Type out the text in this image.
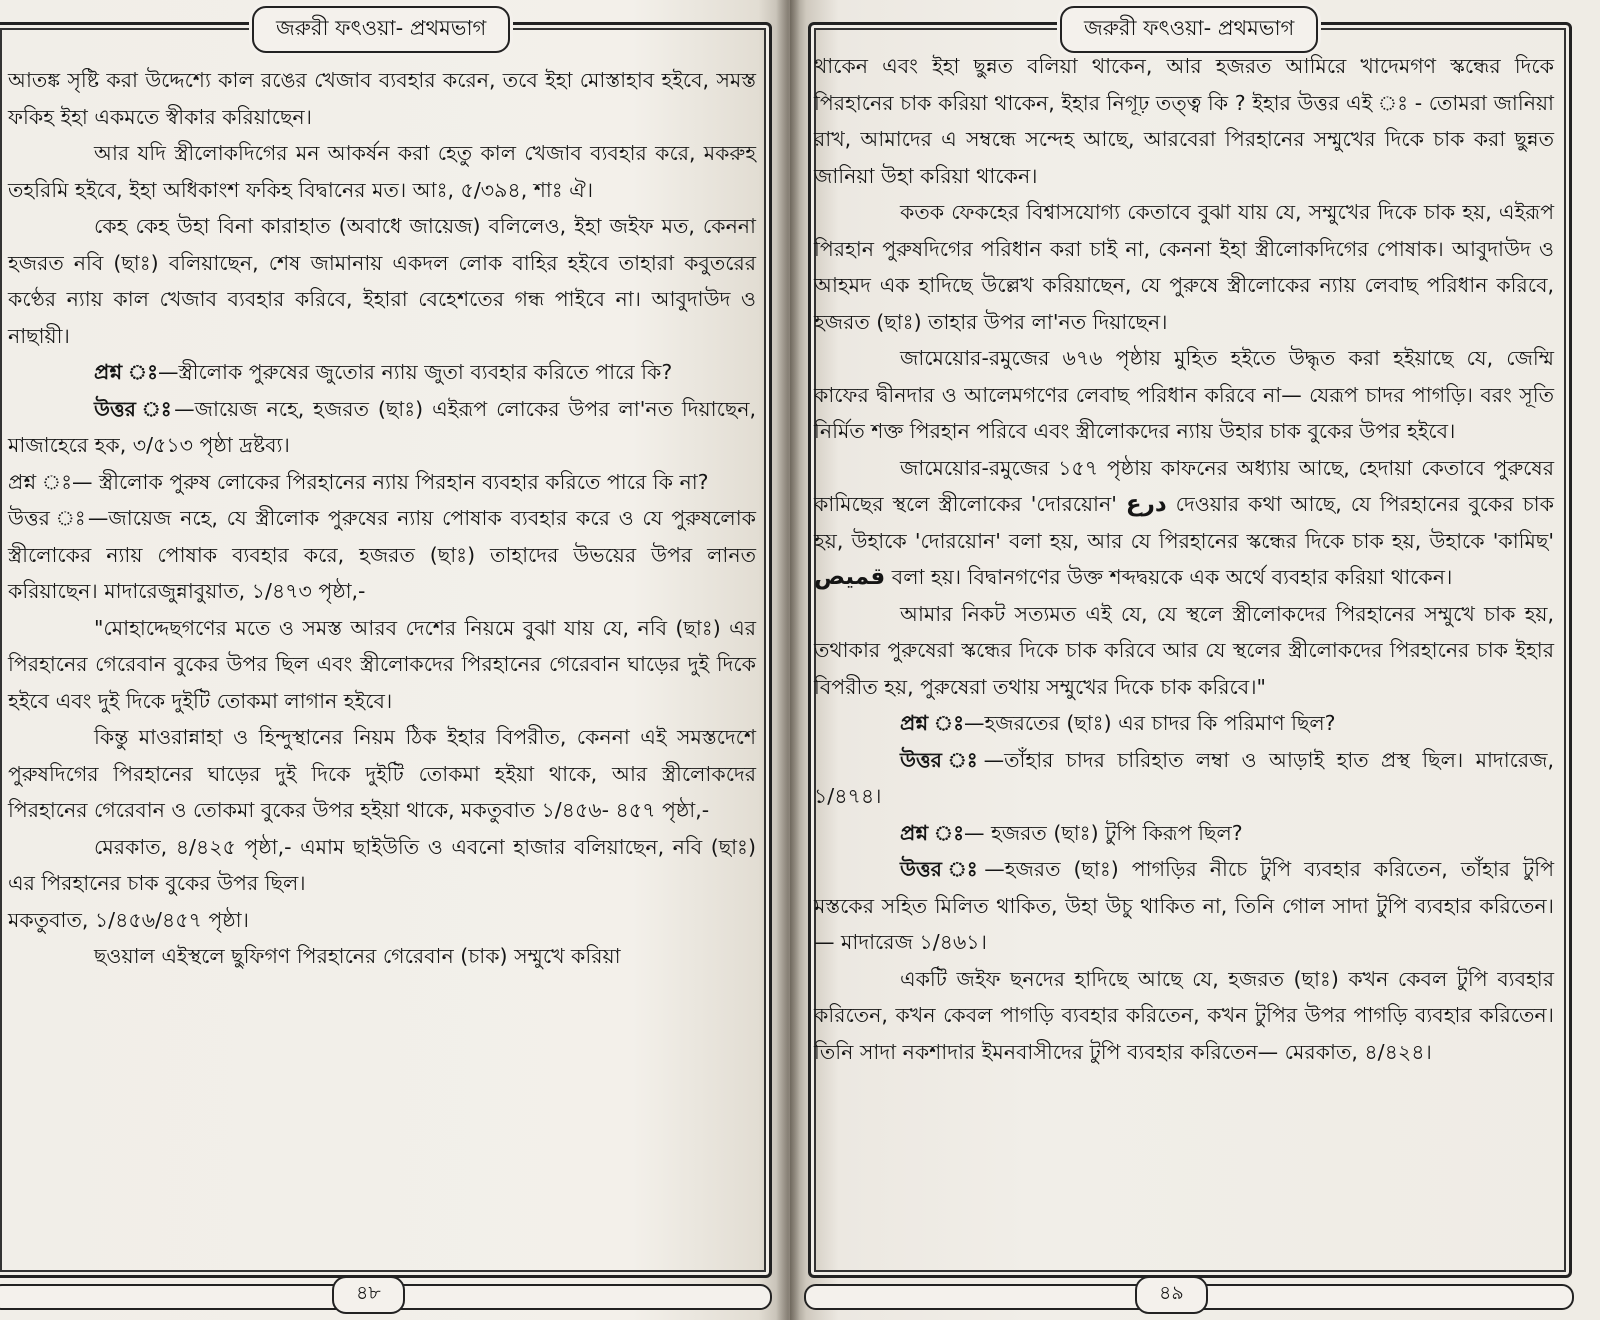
জরুরী ফৎওয়া- প্রথমভাগ

আতঙ্ক সৃষ্টি করা উদ্দেশ্যে কাল রঙের খেজাব ব্যবহার করেন, তবে ইহা মোস্তাহাব হইবে, সমস্ত ফকিহ ইহা একমতে স্বীকার করিয়াছেন।

আর যদি স্ত্রীলোকদিগের মন আকর্ষন করা হেতু কাল খেজাব ব্যবহার করে, মকরুহ তহরিমি হইবে, ইহা অধিকাংশ ফকিহ বিদ্বানের মত। আঃ, ৫/৩৯৪, শাঃ ঐ।

কেহ কেহ উহা বিনা কারাহাত (অবাধে জায়েজ) বলিলেও, ইহা জইফ মত, কেননা হজরত নবি (ছাঃ) বলিয়াছেন, শেষ জামানায় একদল লোক বাহির হইবে তাহারা কবুতরের কণ্ঠের ন্যায় কাল খেজাব ব্যবহার করিবে, ইহারা বেহেশতের গন্ধ পাইবে না। আবুদাউদ ও নাছায়ী।

প্রশ্ন ঃ—স্ত্রীলোক পুরুষের জুতোর ন্যায় জুতা ব্যবহার করিতে পারে কি?

উত্তর ঃ—জায়েজ নহে, হজরত (ছাঃ) এইরূপ লোকের উপর লা'নত দিয়াছেন, মাজাহেরে হক, ৩/৫১৩ পৃষ্ঠা দ্রষ্টব্য।

প্রশ্ন ঃ— স্ত্রীলোক পুরুষ লোকের পিরহানের ন্যায় পিরহান ব্যবহার করিতে পারে কি না?

উত্তর ঃ—জায়েজ নহে, যে স্ত্রীলোক পুরুষের ন্যায় পোষাক ব্যবহার করে ও যে পুরুষলোক স্ত্রীলোকের ন্যায় পোষাক ব্যবহার করে, হজরত (ছাঃ) তাহাদের উভয়ের উপর লানত করিয়াছেন। মাদারেজুন্নাবুয়াত, ১/৪৭৩ পৃষ্ঠা,-

"মোহাদ্দেছগণের মতে ও সমস্ত আরব দেশের নিয়মে বুঝা যায় যে, নবি (ছাঃ) এর পিরহানের গেরেবান বুকের উপর ছিল এবং স্ত্রীলোকদের পিরহানের গেরেবান ঘাড়ের দুই দিকে হইবে এবং দুই দিকে দুইটি তোকমা লাগান হইবে।

কিন্তু মাওরান্নাহা ও হিন্দুস্থানের নিয়ম ঠিক ইহার বিপরীত, কেননা এই সমস্তদেশে পুরুষদিগের পিরহানের ঘাড়ের দুই দিকে দুইটি তোকমা হইয়া থাকে, আর স্ত্রীলোকদের পিরহানের গেরেবান ও তোকমা বুকের উপর হইয়া থাকে, মকতুবাত ১/৪৫৬- ৪৫৭ পৃষ্ঠা,-

মেরকাত, ৪/৪২৫ পৃষ্ঠা,- এমাম ছাইউতি ও এবনো হাজার বলিয়াছেন, নবি (ছাঃ) এর পিরহানের চাক বুকের উপর ছিল।

মকতুবাত, ১/৪৫৬/৪৫৭ পৃষ্ঠা।

ছওয়াল এইস্থলে ছুফিগণ পিরহানের গেরেবান (চাক) সম্মুখে করিয়া

৪৮
জরুরী ফৎওয়া- প্রথমভাগ

থাকেন এবং ইহা ছুন্নত বলিয়া থাকেন, আর হজরত আমিরে খাদেমগণ স্কন্ধের দিকে পিরহানের চাক করিয়া থাকেন, ইহার নিগূঢ় তত্ত্ব কি ? ইহার উত্তর এই ঃ - তোমরা জানিয়া রাখ, আমাদের এ সম্বন্ধে সন্দেহ আছে, আরবেরা পিরহানের সম্মুখের দিকে চাক করা ছুন্নত জানিয়া উহা করিয়া থাকেন।

কতক ফেকহের বিশ্বাসযোগ্য কেতাবে বুঝা যায় যে, সম্মুখের দিকে চাক হয়, এইরূপ পিরহান পুরুষদিগের পরিধান করা চাই না, কেননা ইহা স্ত্রীলোকদিগের পোষাক। আবুদাউদ ও আহমদ এক হাদিছে উল্লেখ করিয়াছেন, যে পুরুষে স্ত্রীলোকের ন্যায় লেবাছ পরিধান করিবে, হজরত (ছাঃ) তাহার উপর লা'নত দিয়াছেন।

জামেয়োর-রমুজের ৬৭৬ পৃষ্ঠায় মুহিত হইতে উদ্ধৃত করা হইয়াছে যে, জেম্মি কাফের দ্বীনদার ও আলেমগণের লেবাছ পরিধান করিবে না— যেরূপ চাদর পাগড়ি। বরং সূতি নির্মিত শক্ত পিরহান পরিবে এবং স্ত্রীলোকদের ন্যায় উহার চাক বুকের উপর হইবে।

জামেয়োর-রমুজের ১৫৭ পৃষ্ঠায় কাফনের অধ্যায় আছে, হেদায়া কেতাবে পুরুষের কামিছের স্থলে স্ত্রীলোকের 'দোরয়োন' درع দেওয়ার কথা আছে, যে পিরহানের বুকের চাক হয়, উহাকে 'দোরয়োন' বলা হয়, আর যে পিরহানের স্কন্ধের দিকে চাক হয়, উহাকে 'কামিছ' قميص বলা হয়। বিদ্বানগণের উক্ত শব্দদ্বয়কে এক অর্থে ব্যবহার করিয়া থাকেন।

আমার নিকট সত্যমত এই যে, যে স্থলে স্ত্রীলোকদের পিরহানের সম্মুখে চাক হয়, তথাকার পুরুষেরা স্কন্ধের দিকে চাক করিবে আর যে স্থলের স্ত্রীলোকদের পিরহানের চাক ইহার বিপরীত হয়, পুরুষেরা তথায় সম্মুখের দিকে চাক করিবে।"

প্রশ্ন ঃ—হজরতের (ছাঃ) এর চাদর কি পরিমাণ ছিল?

উত্তর ঃ—তাঁহার চাদর চারিহাত লম্বা ও আড়াই হাত প্রস্থ ছিল। মাদারেজ, ১/৪৭৪।

প্রশ্ন ঃ— হজরত (ছাঃ) টুপি কিরূপ ছিল?

উত্তর ঃ—হজরত (ছাঃ) পাগড়ির নীচে টুপি ব্যবহার করিতেন, তাঁহার টুপি মস্তকের সহিত মিলিত থাকিত, উহা উচু থাকিত না, তিনি গোল সাদা টুপি ব্যবহার করিতেন।— মাদারেজ ১/৪৬১।

একটি জইফ ছনদের হাদিছে আছে যে, হজরত (ছাঃ) কখন কেবল টুপি ব্যবহার করিতেন, কখন কেবল পাগড়ি ব্যবহার করিতেন, কখন টুপির উপর পাগড়ি ব্যবহার করিতেন। তিনি সাদা নকশাদার ইমনবাসীদের টুপি ব্যবহার করিতেন— মেরকাত, ৪/৪২৪।

৪৯
